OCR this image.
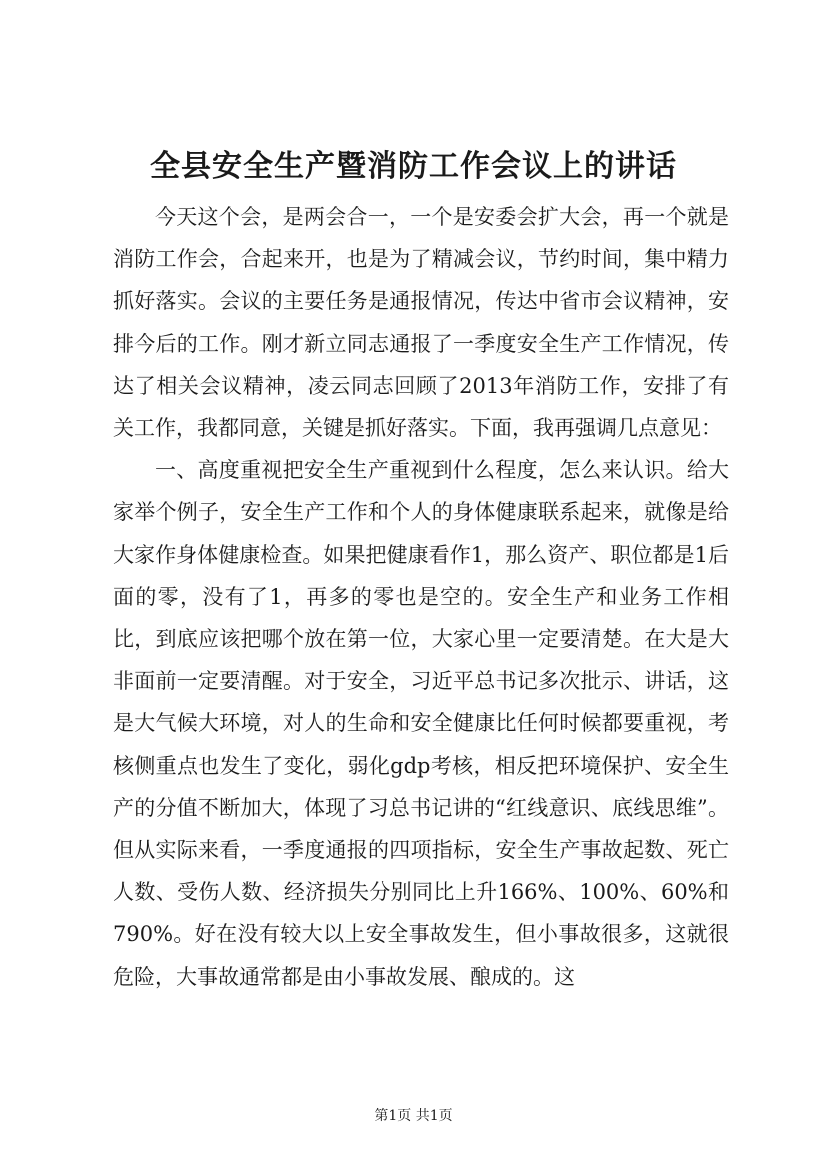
全县安全生产暨消防工作会议上的讲话

今天这个会，是两会合一，一个是安委会扩大会，再一个就是消防工作会，合起来开，也是为了精减会议，节约时间，集中精力抓好落实。会议的主要任务是通报情况，传达中省市会议精神，安排今后的工作。刚才新立同志通报了一季度安全生产工作情况，传达了相关会议精神，凌云同志回顾了2013年消防工作，安排了有关工作，我都同意，关键是抓好落实。下面，我再强调几点意见：

一、高度重视把安全生产重视到什么程度，怎么来认识。给大家举个例子，安全生产工作和个人的身体健康联系起来，就像是给大家作身体健康检查。如果把健康看作1，那么资产、职位都是1后面的零，没有了1，再多的零也是空的。安全生产和业务工作相比，到底应该把哪个放在第一位，大家心里一定要清楚。在大是大非面前一定要清醒。对于安全，习近平总书记多次批示、讲话，这是大气候大环境，对人的生命和安全健康比任何时候都要重视，考核侧重点也发生了变化，弱化gdp考核，相反把环境保护、安全生产的分值不断加大，体现了习总书记讲的“红线意识、底线思维”。但从实际来看，一季度通报的四项指标，安全生产事故起数、死亡人数、受伤人数、经济损失分别同比上升166%、100%、60%和790%。好在没有较大以上安全事故发生，但小事故很多，这就很危险，大事故通常都是由小事故发展、酿成的。这

第1页 共1页
